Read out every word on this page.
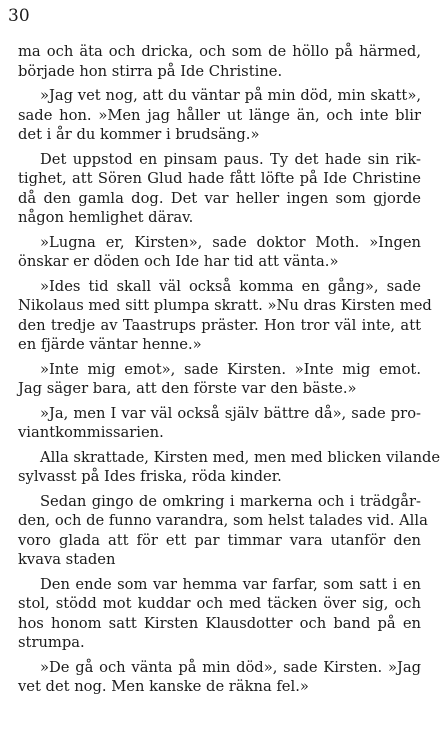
30
ma och äta och dricka, och som de höllo på härmed,
började hon stirra på Ide Christine.
»Jag vet nog, att du väntar på min död, min skatt»,
sade hon. »Men jag håller ut länge än, och inte blir
det i år du kommer i brudsäng.»
Det uppstod en pinsam paus. Ty det hade sin rik-
tighet, att Sören Glud hade fått löfte på Ide Christine
då den gamla dog. Det var heller ingen som gjorde
någon hemlighet därav.
»Lugna er, Kirsten», sade doktor Moth. »Ingen
önskar er döden och Ide har tid att vänta.»
»Ides tid skall väl också komma en gång», sade
Nikolaus med sitt plumpa skratt. »Nu dras Kirsten med
den tredje av Taastrups präster. Hon tror väl inte, att
en fjärde väntar henne.»
»Inte mig emot», sade Kirsten. »Inte mig emot.
Jag säger bara, att den förste var den bäste.»
»Ja, men I var väl också själv bättre då», sade pro-
viantkommissarien.
Alla skrattade, Kirsten med, men med blicken vilande
sylvasst på Ides friska, röda kinder.
Sedan gingo de omkring i markerna och i trädgår-
den, och de funno varandra, som helst talades vid. Alla
voro glada att för ett par timmar vara utanför den
kvava staden
Den ende som var hemma var farfar, som satt i en
stol, stödd mot kuddar och med täcken över sig, och
hos honom satt Kirsten Klausdotter och band på en
strumpa.
»De gå och vänta på min död», sade Kirsten. »Jag
vet det nog. Men kanske de räkna fel.»
